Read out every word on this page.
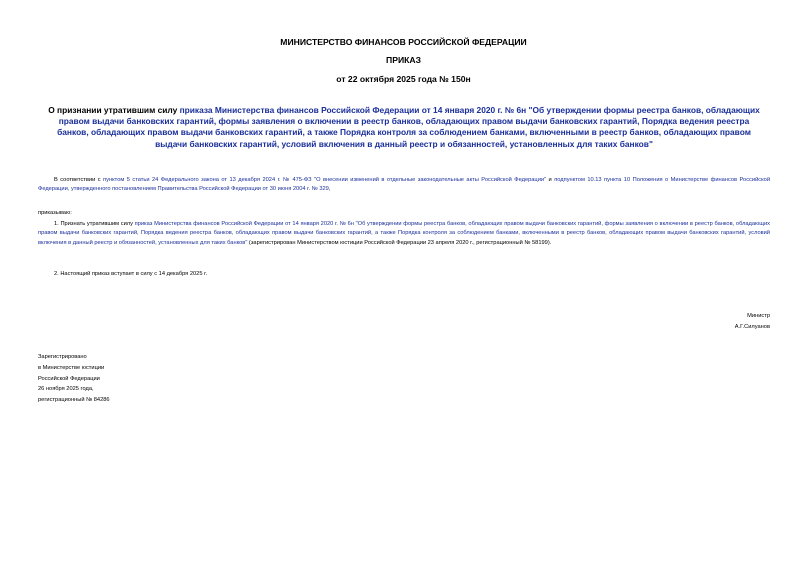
МИНИСТЕРСТВО ФИНАНСОВ РОССИЙСКОЙ ФЕДЕРАЦИИ
ПРИКАЗ
от 22 октября 2025 года № 150н
О признании утратившим силу приказа Министерства финансов Российской Федерации от 14 января 2020 г. № 6н "Об утверждении формы реестра банков, обладающих правом выдачи банковских гарантий, формы заявления о включении в реестр банков, обладающих правом выдачи банковских гарантий, Порядка ведения реестра банков, обладающих правом выдачи банковских гарантий, а также Порядка контроля за соблюдением банками, включенными в реестр банков, обладающих правом выдачи банковских гарантий, условий включения в данный реестр и обязанностей, установленных для таких банков"
В соответствии с пунктом 5 статьи 24 Федерального закона от 13 декабря 2024 г. № 475-ФЗ "О внесении изменений в отдельные законодательные акты Российской Федерации" и подпунктом 10.13 пункта 10 Положения о Министерстве финансов Российской Федерации, утвержденного постановлением Правительства Российской Федерации от 30 июня 2004 г. № 329,
приказываю:
1. Признать утратившим силу приказ Министерства финансов Российской Федерации от 14 января 2020 г. № 6н "Об утверждении формы реестра банков, обладающих правом выдачи банковских гарантий, формы заявления о включении в реестр банков, обладающих правом выдачи банковских гарантий, Порядка ведения реестра банков, обладающих правом выдачи банковских гарантий, а также Порядка контроля за соблюдением банками, включенными в реестр банков, обладающих правом выдачи банковских гарантий, условий включения в данный реестр и обязанностей, установленных для таких банков" (зарегистрирован Министерством юстиции Российской Федерации 23 апреля 2020 г., регистрационный № 58199).
2. Настоящий приказ вступает в силу с 14 декабря 2025 г.
Министр
А.Г.Силуанов
Зарегистрировано
в Министерстве юстиции
Российской Федерации
26 ноября 2025 года,
регистрационный № 84286
